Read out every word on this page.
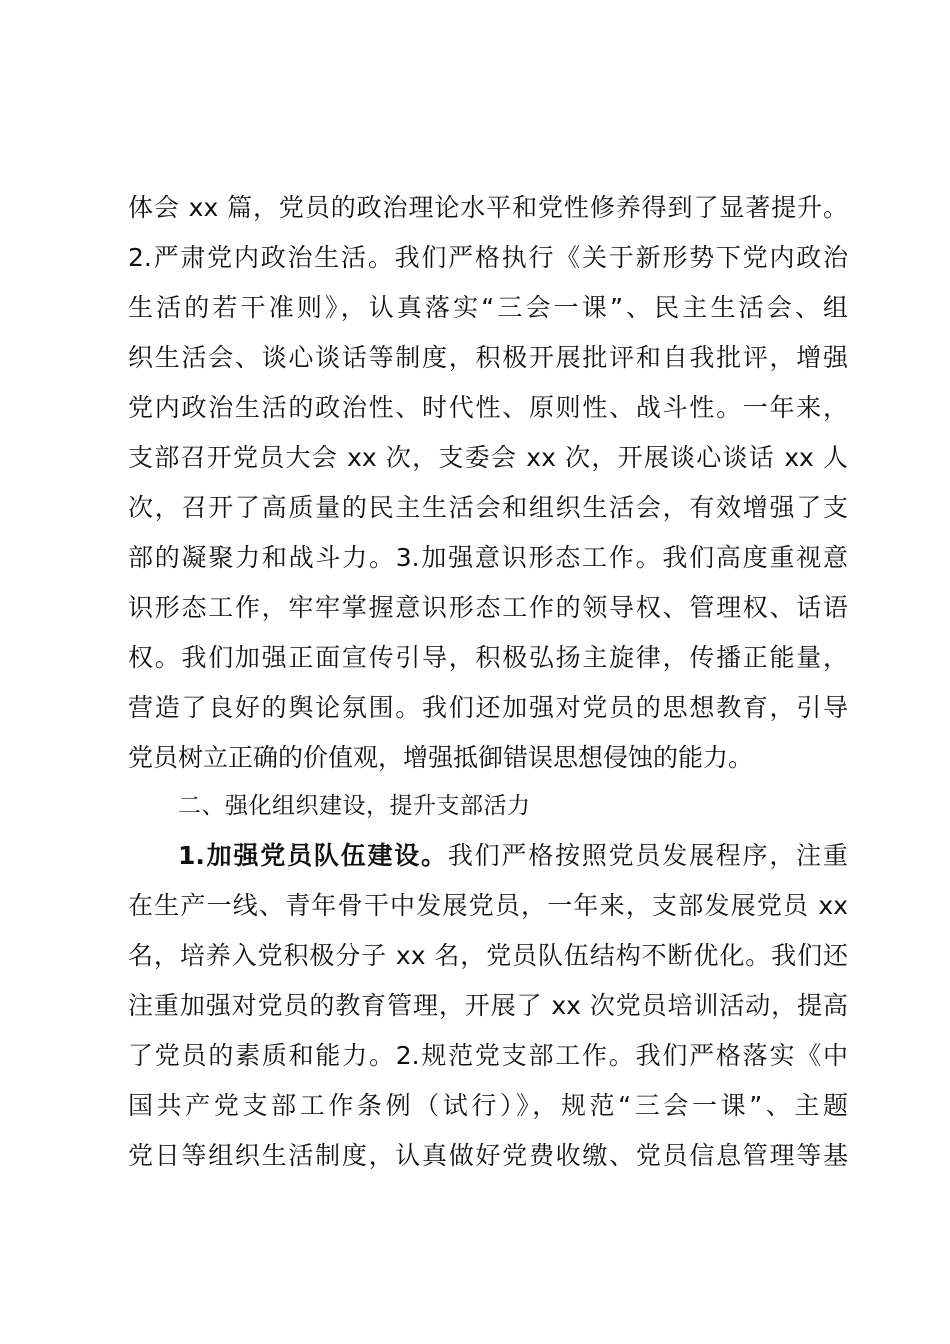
体会 xx 篇，党员的政治理论水平和党性修养得到了显著提升。
2.严肃党内政治生活。我们严格执行《关于新形势下党内政治
生活的若干准则》，认真落实“三会一课”、民主生活会、组
织生活会、谈心谈话等制度，积极开展批评和自我批评，增强
党内政治生活的政治性、时代性、原则性、战斗性。一年来，
支部召开党员大会 xx 次，支委会 xx 次，开展谈心谈话 xx 人
次，召开了高质量的民主生活会和组织生活会，有效增强了支
部的凝聚力和战斗力。3.加强意识形态工作。我们高度重视意
识形态工作，牢牢掌握意识形态工作的领导权、管理权、话语
权。我们加强正面宣传引导，积极弘扬主旋律，传播正能量，
营造了良好的舆论氛围。我们还加强对党员的思想教育，引导
党员树立正确的价值观，增强抵御错误思想侵蚀的能力。
二、强化组织建设，提升支部活力
1.加强党员队伍建设。我们严格按照党员发展程序，注重
在生产一线、青年骨干中发展党员，一年来，支部发展党员 xx
名，培养入党积极分子 xx 名，党员队伍结构不断优化。我们还
注重加强对党员的教育管理，开展了 xx 次党员培训活动，提高
了党员的素质和能力。2.规范党支部工作。我们严格落实《中
国共产党支部工作条例（试行）》，规范“三会一课”、主题
党日等组织生活制度，认真做好党费收缴、党员信息管理等基
